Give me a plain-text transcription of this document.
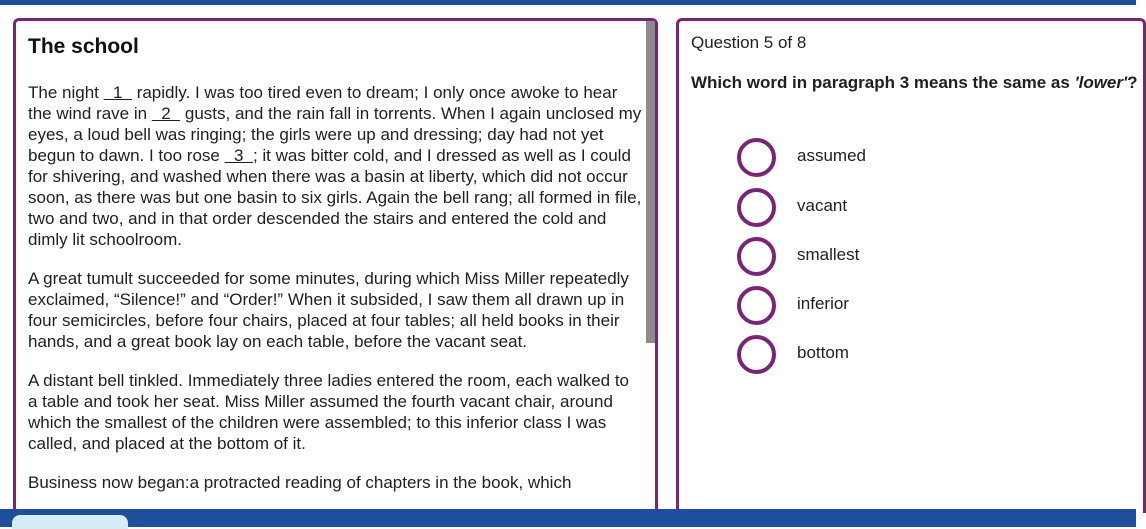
The school

The night   1   rapidly. I was too tired even to dream; I only once awoke to hear the wind rave in   2   gusts, and the rain fall in torrents. When I again unclosed my eyes, a loud bell was ringing; the girls were up and dressing; day had not yet begun to dawn. I too rose   3  ; it was bitter cold, and I dressed as well as I could for shivering, and washed when there was a basin at liberty, which did not occur soon, as there was but one basin to six girls. Again the bell rang; all formed in file, two and two, and in that order descended the stairs and entered the cold and dimly lit schoolroom.

A great tumult succeeded for some minutes, during which Miss Miller repeatedly exclaimed, “Silence!” and “Order!” When it subsided, I saw them all drawn up in four semicircles, before four chairs, placed at four tables; all held books in their hands, and a great book lay on each table, before the vacant seat.

A distant bell tinkled. Immediately three ladies entered the room, each walked to a table and took her seat. Miss Miller assumed the fourth vacant chair, around which the smallest of the children were assembled; to this inferior class I was called, and placed at the bottom of it.

Business now began:a protracted reading of chapters in the book, which

Question 5 of 8
Which word in paragraph 3 means the same as 'lower'?
assumed
vacant
smallest
inferior
bottom
